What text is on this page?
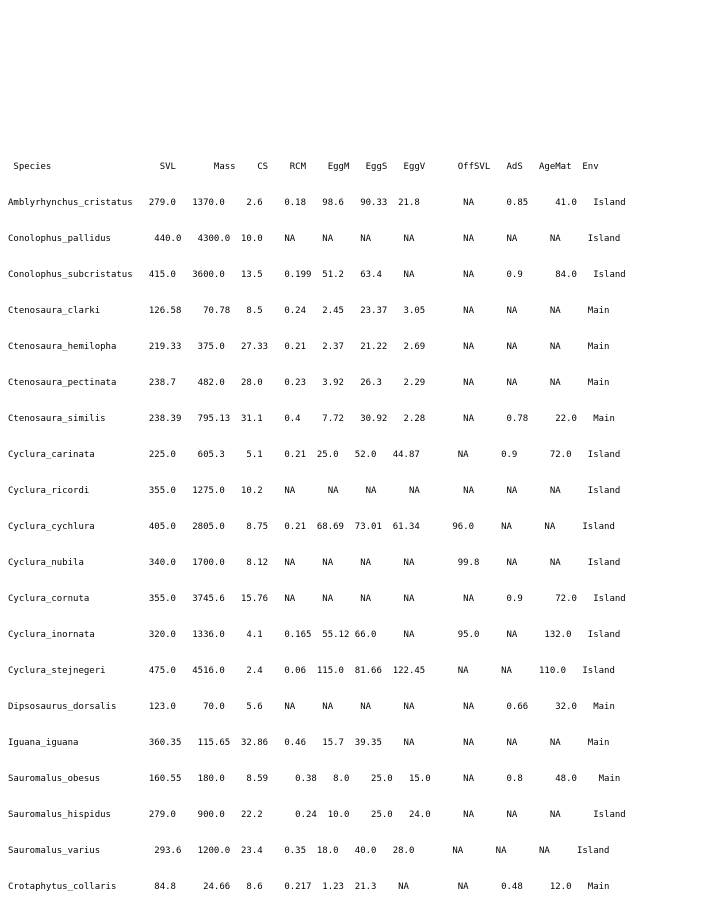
Species                    SVL       Mass    CS    RCM    EggM   EggS   EggV      OffSVL   AdS   AgeMat  Env

Amblyrhynchus_cristatus   279.0   1370.0    2.6    0.18   98.6   90.33  21.8        NA      0.85     41.0   Island

Conolophus_pallidus        440.0   4300.0  10.0    NA     NA     NA      NA         NA      NA      NA     Island

Conolophus_subcristatus   415.0   3600.0   13.5    0.199  51.2   63.4    NA         NA      0.9      84.0   Island

Ctenosaura_clarki         126.58    70.78   8.5    0.24   2.45   23.37   3.05       NA      NA      NA     Main

Ctenosaura_hemilopha      219.33   375.0   27.33   0.21   2.37   21.22   2.69       NA      NA      NA     Main

Ctenosaura_pectinata      238.7    482.0   28.0    0.23   3.92   26.3    2.29       NA      NA      NA     Main

Ctenosaura_similis        238.39   795.13  31.1    0.4    7.72   30.92   2.28       NA      0.78     22.0   Main

Cyclura_carinata          225.0    605.3    5.1    0.21  25.0   52.0   44.87       NA      0.9      72.0   Island

Cyclura_ricordi           355.0   1275.0   10.2    NA      NA     NA      NA        NA      NA      NA     Island

Cyclura_cychlura          405.0   2805.0    8.75   0.21  68.69  73.01  61.34      96.0     NA      NA     Island

Cyclura_nubila            340.0   1700.0    8.12   NA     NA     NA      NA        99.8     NA      NA     Island

Cyclura_cornuta           355.0   3745.6   15.76   NA     NA     NA      NA         NA      0.9      72.0   Island

Cyclura_inornata          320.0   1336.0    4.1    0.165  55.12 66.0     NA        95.0     NA     132.0   Island

Cyclura_stejnegeri        475.0   4516.0    2.4    0.06  115.0  81.66  122.45      NA      NA     110.0   Island

Dipsosaurus_dorsalis      123.0     70.0    5.6    NA     NA     NA      NA         NA      0.66     32.0   Main

Iguana_iguana             360.35   115.65  32.86   0.46   15.7  39.35    NA         NA      NA      NA     Main

Sauromalus_obesus         160.55   180.0    8.59     0.38   8.0    25.0   15.0      NA      0.8      48.0    Main

Sauromalus_hispidus       279.0    900.0   22.2      0.24  10.0    25.0   24.0      NA      NA      NA      Island

Sauromalus_varius          293.6   1200.0  23.4    0.35  18.0   40.0   28.0       NA      NA      NA     Island

Crotaphytus_collaris       84.8     24.66   8.6    0.217  1.23  21.3    NA         NA      0.48     12.0   Main
